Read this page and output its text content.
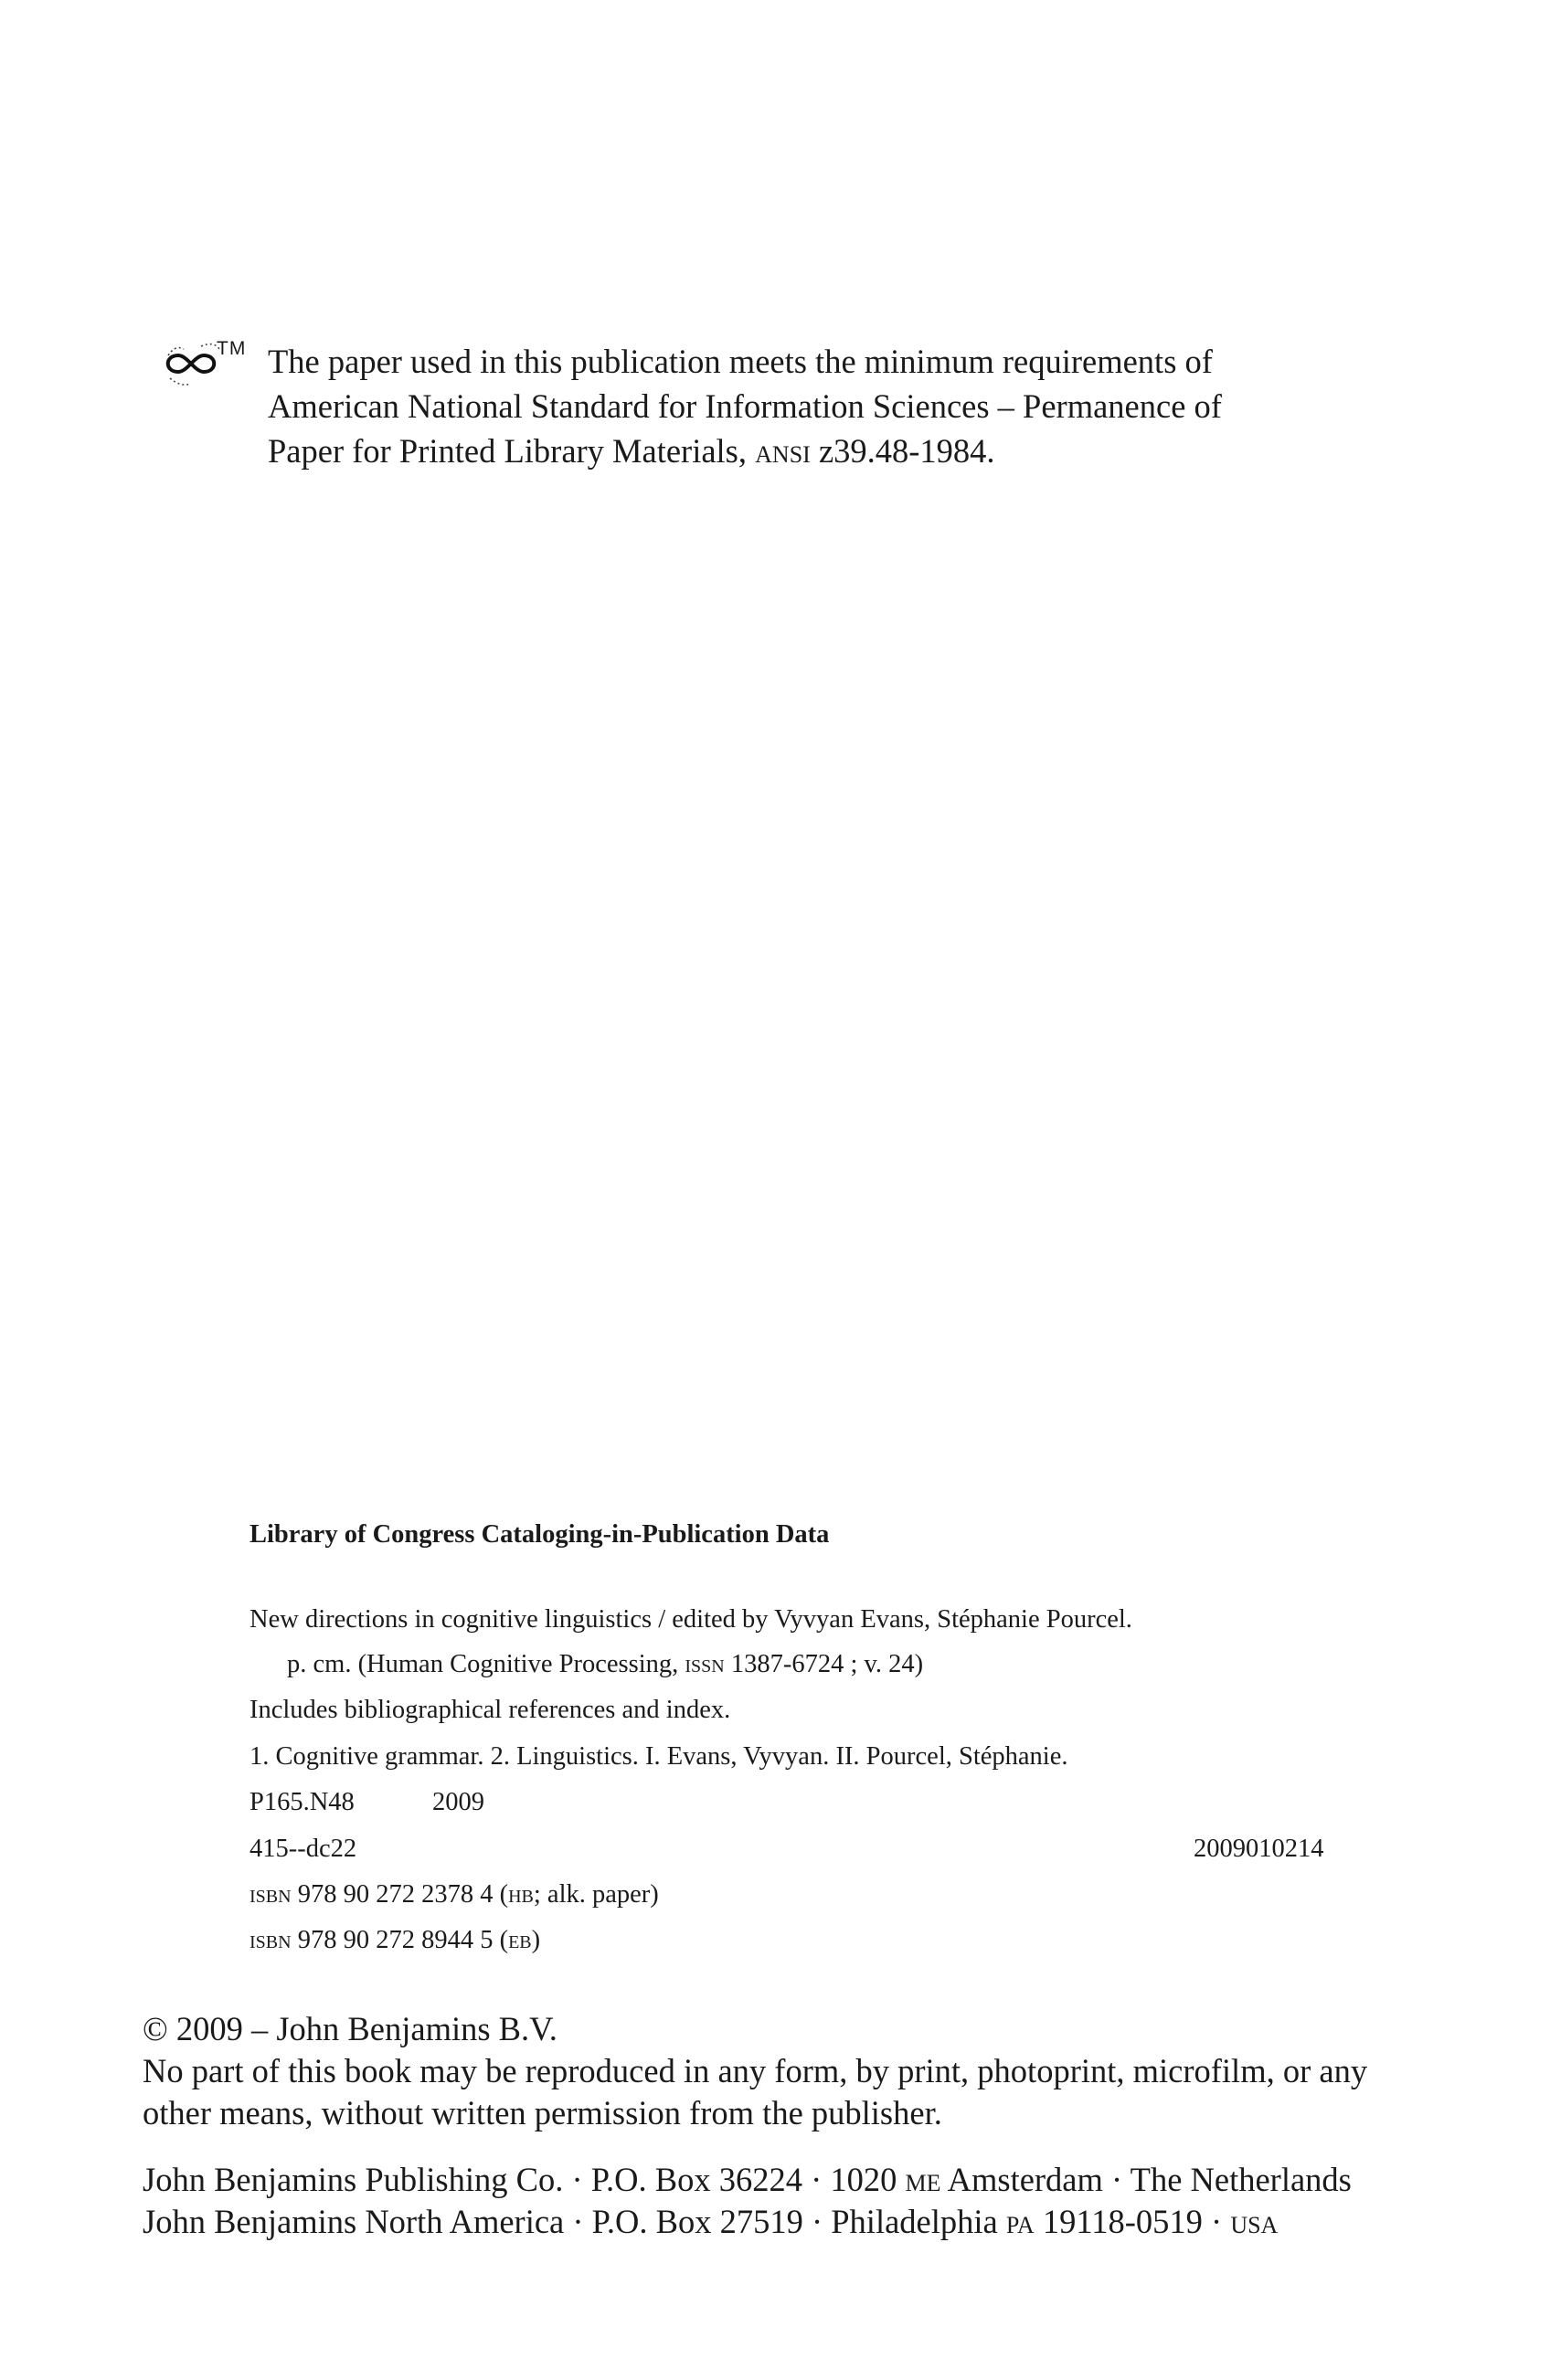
TM The paper used in this publication meets the minimum requirements of
American National Standard for Information Sciences – Permanence of
Paper for Printed Library Materials, ansi z39.48-1984.
Library of Congress Cataloging-in-Publication Data
New directions in cognitive linguistics / edited by Vyvyan Evans, Stéphanie Pourcel.
p. cm. (Human Cognitive Processing, issn 1387-6724 ; v. 24)
Includes bibliographical references and index.
1. Cognitive grammar. 2. Linguistics. I. Evans, Vyvyan. II. Pourcel, Stéphanie.
P165.N48	2009
415--dc22	2009010214
isbn 978 90 272 2378 4 (hb; alk. paper)
isbn 978 90 272 8944 5 (eb)
© 2009 – John Benjamins B.V.
No part of this book may be reproduced in any form, by print, photoprint, microfilm, or any
other means, without written permission from the publisher.
John Benjamins Publishing Co. · P.O. Box 36224 · 1020 me Amsterdam · The Netherlands
John Benjamins North America · P.O. Box 27519 · Philadelphia pa 19118-0519 · usa
